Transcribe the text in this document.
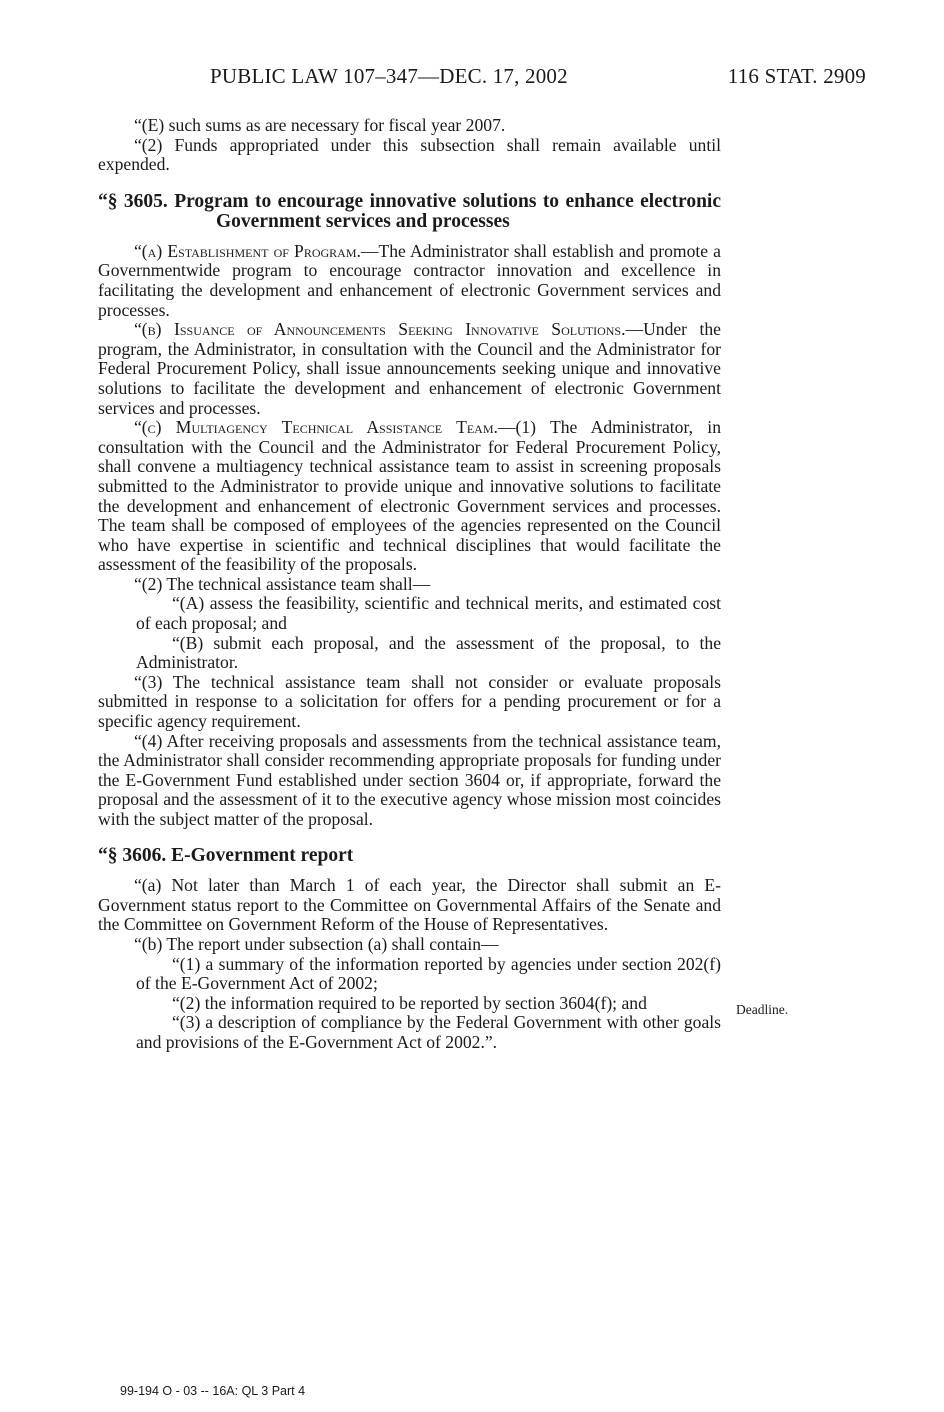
PUBLIC LAW 107–347—DEC. 17, 2002	116 STAT. 2909

“(E) such sums as are necessary for fiscal year 2007.

“(2) Funds appropriated under this subsection shall remain available until expended.

“§ 3605. Program to encourage innovative solutions to enhance electronic Government services and processes

“(a) Establishment of Program.—The Administrator shall establish and promote a Governmentwide program to encourage contractor innovation and excellence in facilitating the development and enhancement of electronic Government services and processes.

“(b) Issuance of Announcements Seeking Innovative Solutions.—Under the program, the Administrator, in consultation with the Council and the Administrator for Federal Procurement Policy, shall issue announcements seeking unique and innovative solutions to facilitate the development and enhancement of electronic Government services and processes.

“(c) Multiagency Technical Assistance Team.—(1) The Administrator, in consultation with the Council and the Administrator for Federal Procurement Policy, shall convene a multiagency technical assistance team to assist in screening proposals submitted to the Administrator to provide unique and innovative solutions to facilitate the development and enhancement of electronic Government services and processes. The team shall be composed of employees of the agencies represented on the Council who have expertise in scientific and technical disciplines that would facilitate the assessment of the feasibility of the proposals.

“(2) The technical assistance team shall—

“(A) assess the feasibility, scientific and technical merits, and estimated cost of each proposal; and

“(B) submit each proposal, and the assessment of the proposal, to the Administrator.

“(3) The technical assistance team shall not consider or evaluate proposals submitted in response to a solicitation for offers for a pending procurement or for a specific agency requirement.

“(4) After receiving proposals and assessments from the technical assistance team, the Administrator shall consider recommending appropriate proposals for funding under the E-Government Fund established under section 3604 or, if appropriate, forward the proposal and the assessment of it to the executive agency whose mission most coincides with the subject matter of the proposal.

“§ 3606. E-Government report

“(a) Not later than March 1 of each year, the Director shall submit an E-Government status report to the Committee on Governmental Affairs of the Senate and the Committee on Government Reform of the House of Representatives.

“(b) The report under subsection (a) shall contain—

“(1) a summary of the information reported by agencies under section 202(f) of the E-Government Act of 2002;

“(2) the information required to be reported by section 3604(f); and

“(3) a description of compliance by the Federal Government with other goals and provisions of the E-Government Act of 2002.”.

Deadline.
99-194 O - 03 -- 16A: QL 3 Part 4
